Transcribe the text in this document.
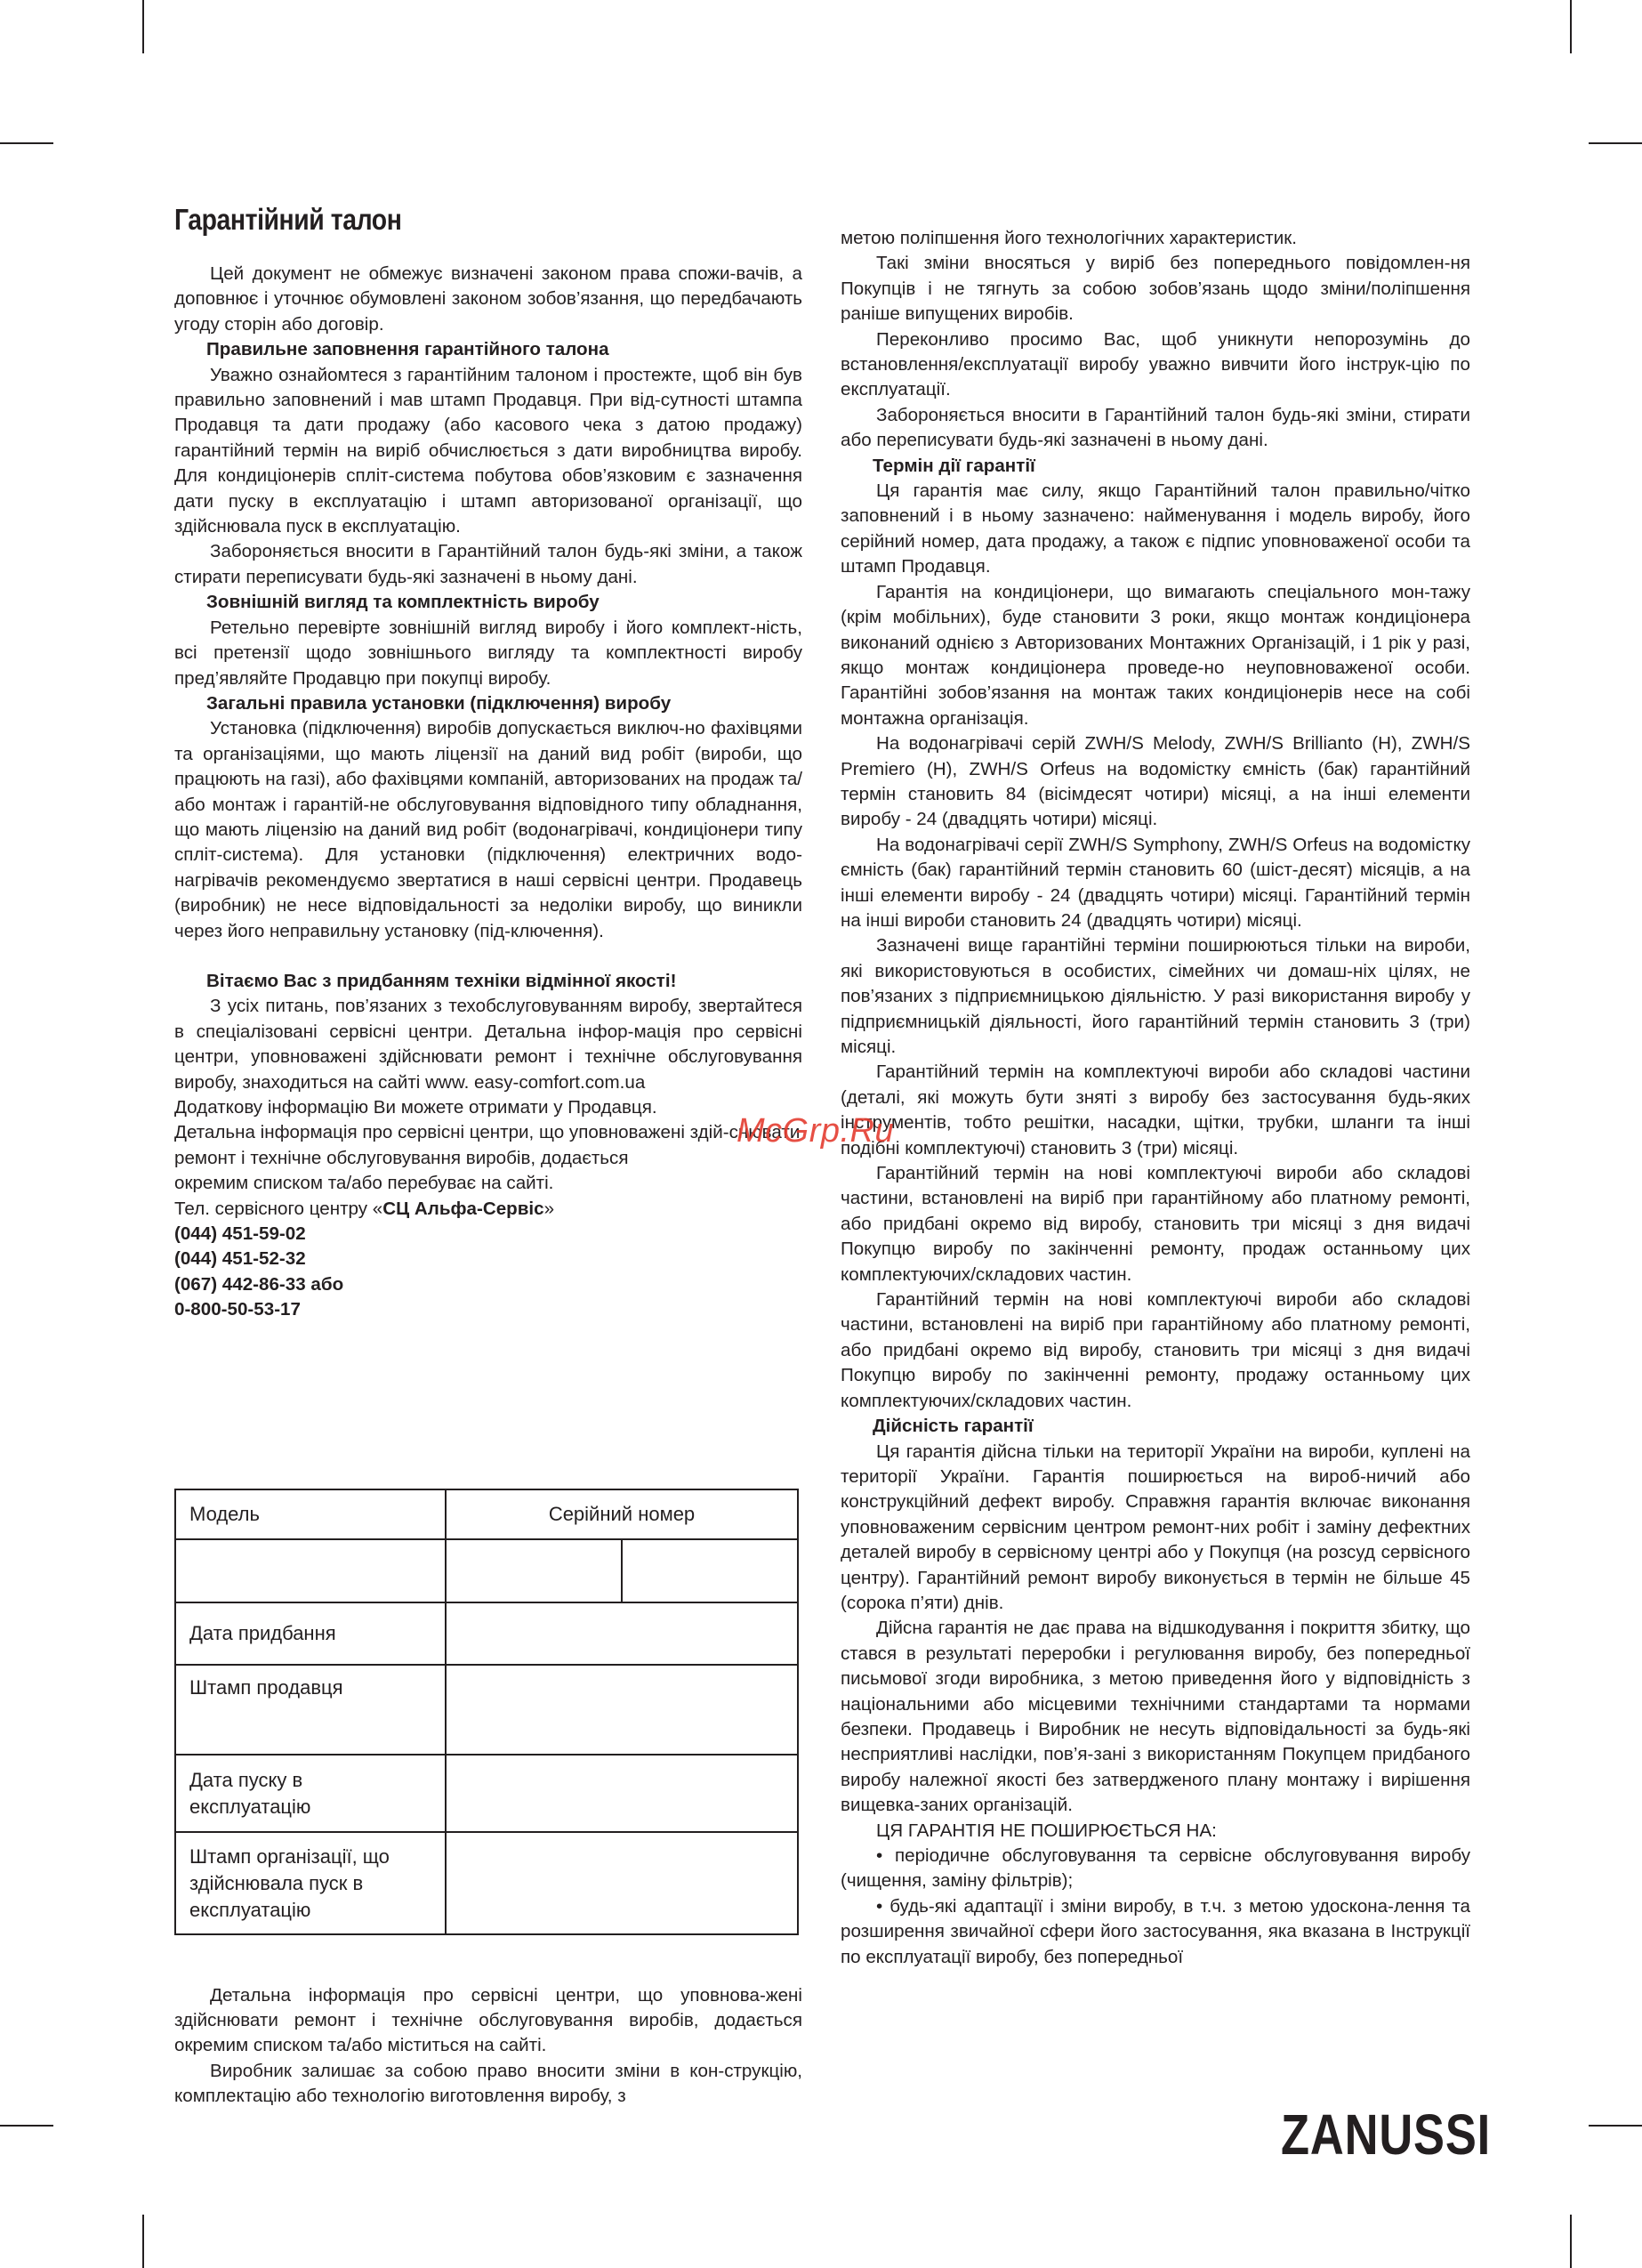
Гарантійний талон

Цей документ не обмежує визначені законом права спожи-вачів, а доповнює і уточнює обумовлені законом зобов’язання, що передбачають угоду сторін або договір.

Правильне заповнення гарантійного талона

Уважно ознайомтеся з гарантійним талоном і простежте, щоб він був правильно заповнений і мав штамп Продавця. При від-сутності штампа Продавця та дати продажу (або касового чека з датою продажу) гарантійний термін на виріб обчислюється з дати виробництва виробу. Для кондиціонерів спліт-система побутова обов’язковим є зазначення дати пуску в експлуатацію і штамп авторизованої організації, що здійснювала пуск в експлуатацію.

Забороняється вносити в Гарантійний талон будь-які зміни, а також стирати переписувати будь-які зазначені в ньому дані.

Зовнішній вигляд та комплектність виробу

Ретельно перевірте зовнішній вигляд виробу і його комплект-ність, всі претензії щодо зовнішнього вигляду та комплектності виробу пред’являйте Продавцю при покупці виробу.

Загальні правила установки (підключення) виробу

Установка (підключення) виробів допускається виключ-но фахівцями та організаціями, що мають ліцензії на даний вид робіт (вироби, що працюють на газі), або фахівцями компаній, авторизованих на продаж та/або монтаж і гарантій-не обслуговування відповідного типу обладнання, що мають ліцензію на даний вид робіт (водонагрівачі, кондиціонери типу спліт-система). Для установки (підключення) електричних водо-нагрівачів рекомендуємо звертатися в наші сервісні центри. Продавець (виробник) не несе відповідальності за недоліки виробу, що виникли через його неправильну установку (під-ключення).

Вітаємо Вас з придбанням техніки відмінної якості!

З усіх питань, пов’язаних з техобслуговуванням виробу, звертайтеся в спеціалізовані сервісні центри. Детальна інфор-мація про сервісні центри, уповноважені здійснювати ремонт і технічне обслуговування виробу, знаходиться на сайті www. easy-comfort.com.ua

Додаткову інформацію Ви можете отримати у Продавця.

Детальна інформація про сервісні центри, що уповноважені здій-снювати ремонт і технічне обслуговування виробів, додається

окремим списком та/або перебуває на сайті.

Тел. сервісного центру «СЦ Альфа-Сервіс»

(044) 451-59-02

(044) 451-52-32

(067) 442-86-33 або

0-800-50-53-17

Детальна інформація про сервісні центри, що уповнова-жені здійснювати ремонт і технічне обслуговування виробів, додається окремим списком та/або міститься на сайті.

Виробник залишає за собою право вносити зміни в кон-струкцію, комплектацію або технологію виготовлення виробу, з

Модель	Серійний номер	

Дата придбання		
Штамп продавця		
Дата пуску в експлуатацію		
Штамп організації, що здійснювала пуск в експлуатацію		

метою поліпшення його технологічних характеристик.

Такі зміни вносяться у виріб без попереднього повідомлен-ня Покупців і не тягнуть за собою зобов’язань щодо зміни/поліпшення раніше випущених виробів.

Переконливо просимо Вас, щоб уникнути непорозумінь до встановлення/експлуатації виробу уважно вивчити його інструк-цію по експлуатації.

Забороняється вносити в Гарантійний талон будь-які зміни, стирати або переписувати будь-які зазначені в ньому дані.

Термін дії гарантії

Ця гарантія має силу, якщо Гарантійний талон правильно/чітко заповнений і в ньому зазначено: найменування і модель виробу, його серійний номер, дата продажу, а також є підпис уповноваженої особи та штамп Продавця.

Гарантія на кондиціонери, що вимагають спеціального мон-тажу (крім мобільних), буде становити 3 роки, якщо монтаж кондиціонера виконаний однією з Авторизованих Монтажних Організацій, і 1 рік у разі, якщо монтаж кондиціонера проведе-но неуповноваженої особи. Гарантійні зобов’язання на монтаж таких кондиціонерів несе на собі монтажна організація.

На водонагрівачі серій ZWH/S Melody, ZWH/S Brillianto (H), ZWH/S Premiero (H), ZWH/S Orfeus на водомістку ємність (бак) гарантійний термін становить 84 (вісімдесят чотири) місяці, а на інші елементи виробу - 24 (двадцять чотири) місяці.

На водонагрівачі серії ZWH/S Symphony, ZWH/S Orfeus на водомістку ємність (бак) гарантійний термін становить 60 (шіст-десят) місяців, а на інші елементи виробу - 24 (двадцять чотири) місяці. Гарантійний термін на інші вироби становить 24 (двадцять чотири) місяці.

Зазначені вище гарантійні терміни поширюються тільки на вироби, які використовуються в особистих, сімейних чи домаш-ніх цілях, не пов’язаних з підприємницькою діяльністю. У разі використання виробу у підприємницькій діяльності, його гарантійний термін становить 3 (три) місяці.

Гарантійний термін на комплектуючі вироби або складові частини (деталі, які можуть бути зняті з виробу без застосування будь-яких інструментів, тобто решітки, насадки, щітки, трубки, шланги та інші подібні комплектуючі) становить 3 (три) місяці.

Гарантійний термін на нові комплектуючі вироби або складові частини, встановлені на виріб при гарантійному або платному ремонті, або придбані окремо від виробу, становить три місяці з дня видачі Покупцю виробу по закінченні ремонту, продаж останньому цих комплектуючих/складових частин.

Гарантійний термін на нові комплектуючі вироби або складові частини, встановлені на виріб при гарантійному або платному ремонті, або придбані окремо від виробу, становить три місяці з дня видачі Покупцю виробу по закінченні ремонту, продажу останньому цих комплектуючих/складових частин.

Дійсність гарантії

Ця гарантія дійсна тільки на території України на вироби, куплені на території України. Гарантія поширюється на вироб-ничий або конструкційний дефект виробу. Справжня гарантія включає виконання уповноваженим сервісним центром ремонт-них робіт і заміну дефектних деталей виробу в сервісному центрі або у Покупця (на розсуд сервісного центру). Гарантійний ремонт виробу виконується в термін не більше 45 (сорока п’яти) днів.

Дійсна гарантія не дає права на відшкодування і покриття збитку, що стався в результаті переробки і регулювання виробу, без попередньої письмової згоди виробника, з метою приведення його у відповідність з національними або місцевими технічними стандартами та нормами безпеки. Продавець і Виробник не несуть відповідальності за будь-які несприятливі наслідки, пов’я-зані з використанням Покупцем придбаного виробу належної якості без затвердженого плану монтажу і вирішення вищевка-заних організацій.

ЦЯ ГАРАНТІЯ НЕ ПОШИРЮЄТЬСЯ НА:

• періодичне обслуговування та сервісне обслуговування виробу (чищення, заміну фільтрів);

• будь-які адаптації і зміни виробу, в т.ч. з метою удоскона-лення та розширення звичайної сфери його застосування, яка вказана в Інструкції по експлуатації виробу, без попередньої

McGrp.Ru
ZANUSSI
